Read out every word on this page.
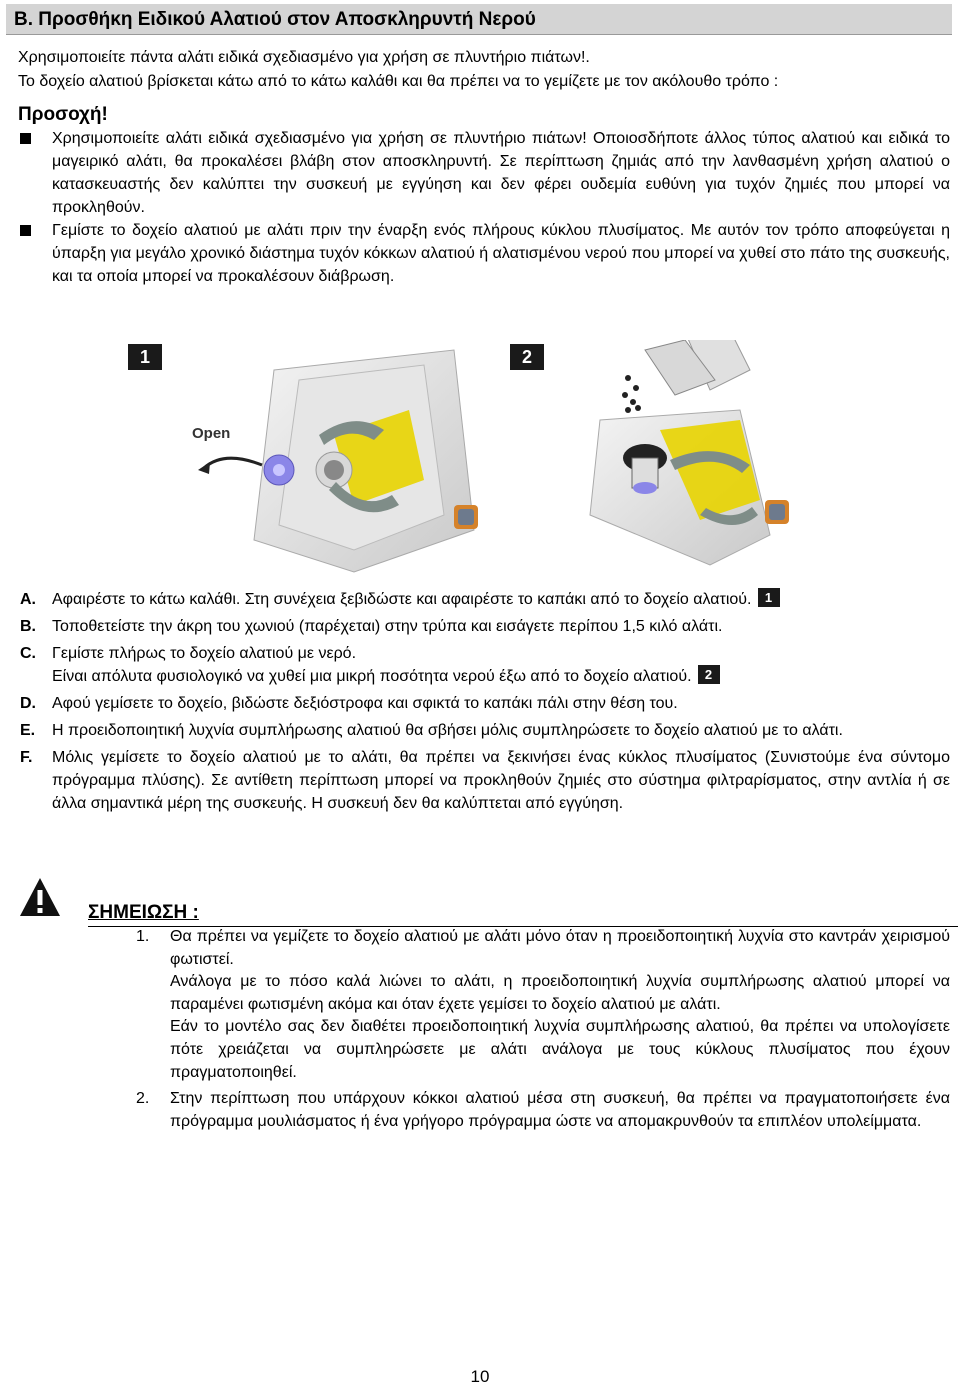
B. Προσθήκη Ειδικού Αλατιού στον Αποσκληρυντή Νερού
Χρησιμοποιείτε πάντα αλάτι ειδικά σχεδιασμένο για χρήση σε πλυντήριο πιάτων!.
Το δοχείο αλατιού βρίσκεται κάτω από το κάτω καλάθι και θα πρέπει να το γεμίζετε με τον ακόλουθο τρόπο :
Προσοχή!
Χρησιμοποιείτε αλάτι ειδικά σχεδιασμένο για χρήση σε πλυντήριο πιάτων! Οποιοσδήποτε άλλος τύπος αλατιού και ειδικά το μαγειρικό αλάτι, θα προκαλέσει βλάβη στον αποσκληρυντή. Σε περίπτωση ζημιάς από την λανθασμένη χρήση αλατιού ο κατασκευαστής δεν καλύπτει την συσκευή με εγγύηση και δεν φέρει ουδεμία ευθύνη για τυχόν ζημιές που μπορεί να προκληθούν.
Γεμίστε το δοχείο αλατιού με αλάτι πριν την έναρξη ενός πλήρους κύκλου πλυσίματος. Με αυτόν τον τρόπο αποφεύγεται η ύπαρξη για μεγάλο χρονικό διάστημα τυχόν κόκκων αλατιού ή αλατισμένου νερού που μπορεί να χυθεί στο πάτο της συσκευής, και τα οποία μπορεί να προκαλέσουν διάβρωση.
1
Open
2
A. Αφαιρέστε το κάτω καλάθι. Στη συνέχεια ξεβιδώστε και αφαιρέστε το καπάκι από το δοχείο αλατιού. 1
B. Τοποθετείστε την άκρη του χωνιού (παρέχεται) στην τρύπα και εισάγετε περίπου 1,5 κιλό αλάτι.
C. Γεμίστε πλήρως το δοχείο αλατιού με νερό.
Είναι απόλυτα φυσιολογικό να χυθεί μια μικρή ποσότητα νερού έξω από το δοχείο αλατιού. 2
D. Αφού γεμίσετε το δοχείο, βιδώστε δεξιόστροφα και σφικτά το καπάκι πάλι στην θέση του.
E. Η προειδοποιητική λυχνία συμπλήρωσης αλατιού θα σβήσει μόλις συμπληρώσετε το δοχείο αλατιού με το αλάτι.
F. Μόλις γεμίσετε το δοχείο αλατιού με το αλάτι, θα πρέπει να ξεκινήσει ένας κύκλος πλυσίματος (Συνιστούμε ένα σύντομο πρόγραμμα πλύσης). Σε αντίθετη περίπτωση μπορεί να προκληθούν ζημιές στο σύστημα φιλτραρίσματος, στην αντλία ή σε άλλα σημαντικά μέρη της συσκευής. Η συσκευή δεν θα καλύπτεται από εγγύηση.
ΣΗΜΕΙΩΣΗ :
1. Θα πρέπει να γεμίζετε το δοχείο αλατιού με αλάτι μόνο όταν η προειδοποιητική λυχνία στο καντράν χειρισμού φωτιστεί.

Ανάλογα με το πόσο καλά λιώνει το αλάτι, η προειδοποιητική λυχνία συμπλήρωσης αλατιού μπορεί να παραμένει φωτισμένη ακόμα και όταν έχετε γεμίσει το δοχείο αλατιού με αλάτι.

Εάν το μοντέλο σας δεν διαθέτει προειδοποιητική λυχνία συμπλήρωσης αλατιού, θα πρέπει να υπολογίσετε πότε χρειάζεται να συμπληρώσετε με αλάτι ανάλογα με τους κύκλους πλυσίματος που έχουν πραγματοποιηθεί.

2. Στην περίπτωση που υπάρχουν κόκκοι αλατιού μέσα στη συσκευή, θα πρέπει να πραγματοποιήσετε ένα πρόγραμμα μουλιάσματος ή ένα γρήγορο πρόγραμμα ώστε να απομακρυνθούν τα επιπλέον υπολείμματα.

10
